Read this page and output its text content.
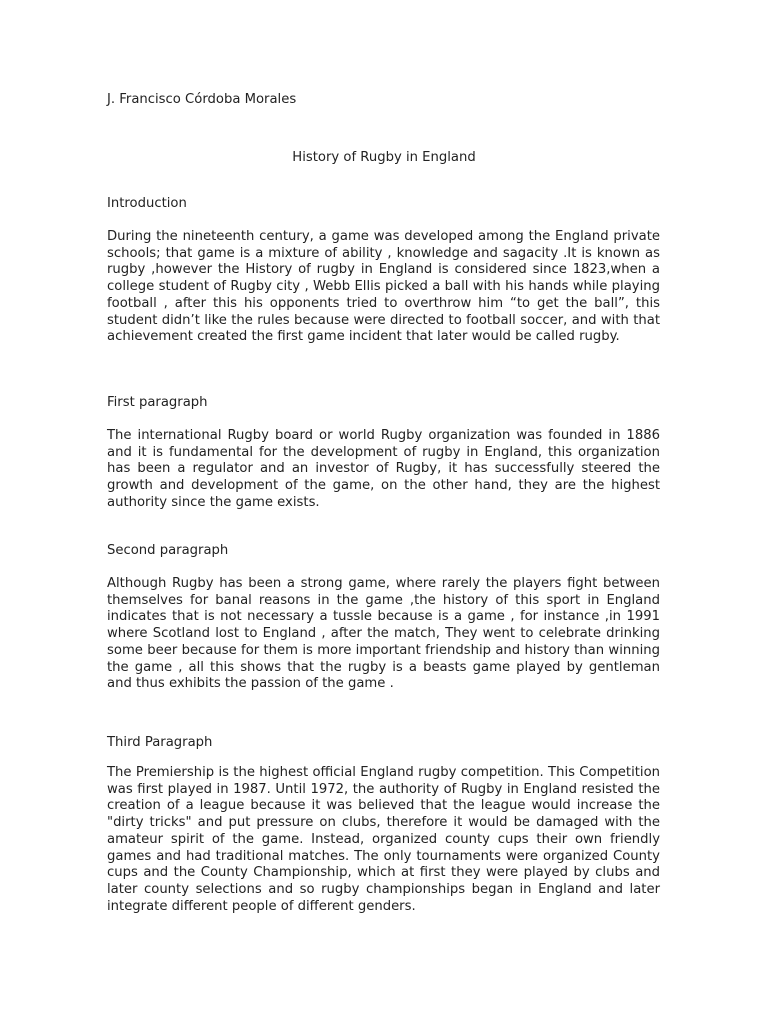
J. Francisco Córdoba Morales
History of Rugby in England
Introduction
During the nineteenth century, a game was developed among the England private schools; that game is a mixture of ability , knowledge and sagacity .It is known as rugby ,however the History of rugby in England is considered since 1823,when a college student of Rugby city , Webb Ellis picked a ball with his hands while playing football , after this his opponents tried to overthrow him “to get the ball”, this student didn’t like the rules because were directed to football soccer, and with that achievement created the first game incident that later would be called rugby.
First paragraph
The international Rugby board or world Rugby organization was founded in 1886 and it is fundamental for the development of rugby in England, this organization has been a regulator and an investor of Rugby, it has successfully steered the growth and development of the game, on the other hand, they are the highest authority since the game exists.
Second paragraph
Although Rugby has been a strong game, where rarely the players fight between themselves for banal reasons in the game ,the history of this sport in England indicates that is not necessary a tussle because is a game , for instance ,in 1991 where Scotland lost to England , after the match, They went to celebrate drinking some beer because for them is more important friendship and history than winning the game , all this shows that the rugby is a beasts game played by gentleman and thus exhibits the passion of the game .
Third Paragraph
The Premiership is the highest official England rugby competition. This Competition was first played in 1987. Until 1972, the authority of Rugby in England resisted the creation of a league because it was believed that the league would increase the "dirty tricks" and put pressure on clubs, therefore it would be damaged with the amateur spirit of the game. Instead, organized county cups their own friendly games and had traditional matches. The only tournaments were organized County cups and the County Championship, which at first they were played by clubs and later county selections and so rugby championships began in England and later integrate different people of different genders.
